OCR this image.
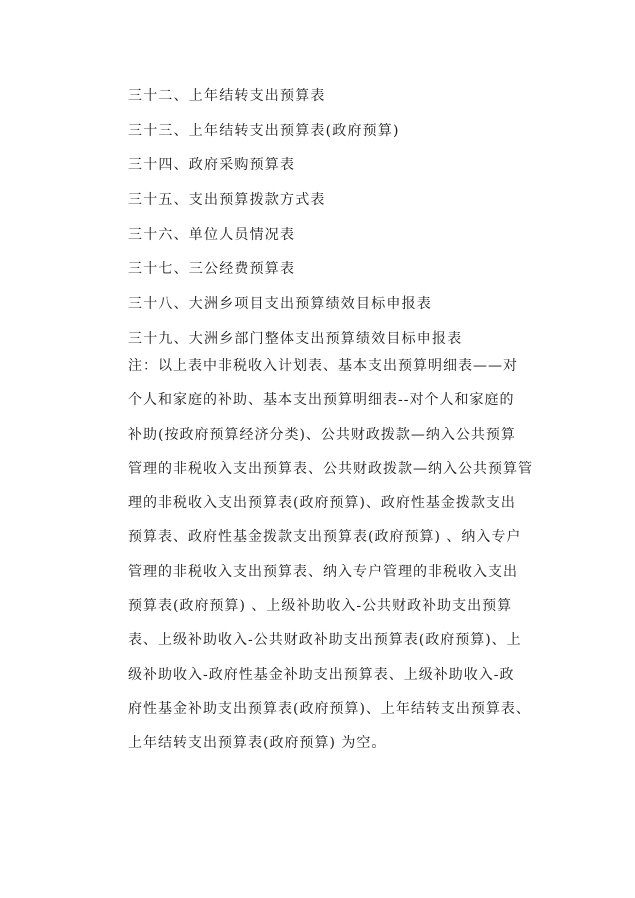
三十二、上年结转支出预算表
三十三、上年结转支出预算表(政府预算)
三十四、政府采购预算表
三十五、支出预算拨款方式表
三十六、单位人员情况表
三十七、三公经费预算表
三十八、大洲乡项目支出预算绩效目标申报表
三十九、大洲乡部门整体支出预算绩效目标申报表
注：以上表中非税收入计划表、基本支出预算明细表——对
个人和家庭的补助、基本支出预算明细表--对个人和家庭的
补助(按政府预算经济分类)、公共财政拨款—纳入公共预算
管理的非税收入支出预算表、公共财政拨款—纳入公共预算管
理的非税收入支出预算表(政府预算)、政府性基金拨款支出
预算表、政府性基金拨款支出预算表(政府预算) 、纳入专户
管理的非税收入支出预算表、纳入专户管理的非税收入支出
预算表(政府预算) 、上级补助收入-公共财政补助支出预算
表、上级补助收入-公共财政补助支出预算表(政府预算)、上
级补助收入-政府性基金补助支出预算表、上级补助收入-政
府性基金补助支出预算表(政府预算)、上年结转支出预算表、
上年结转支出预算表(政府预算) 为空。
